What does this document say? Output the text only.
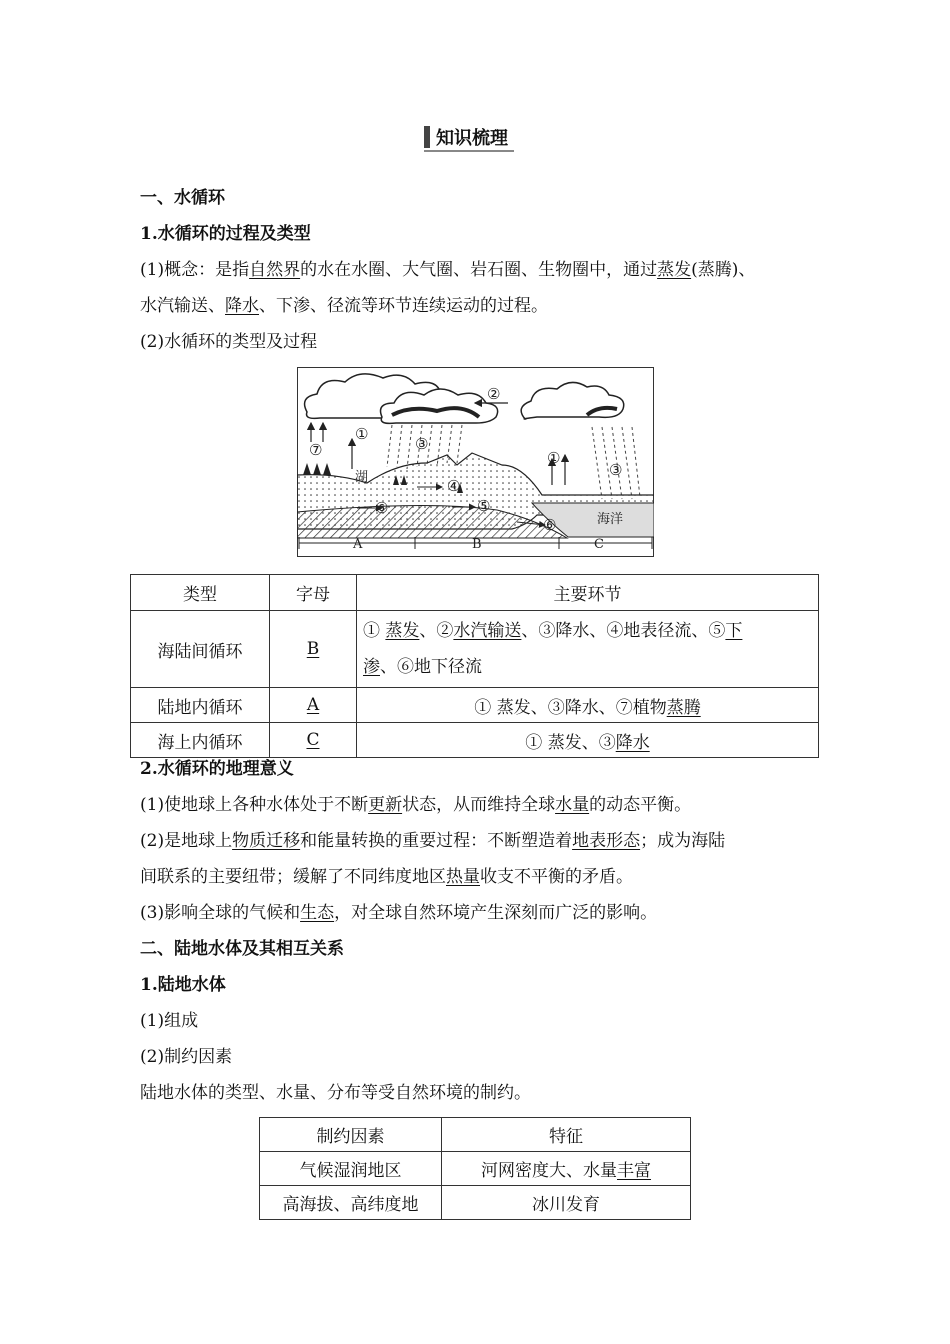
知识梳理
一、水循环
1.水循环的过程及类型
(1)概念：是指自然界的水在水圈、大气圈、岩石圈、生物圈中，通过蒸发(蒸腾)、
水汽输送、降水、下渗、径流等环节连续运动的过程。
(2)水循环的类型及过程
②
①
③
⑦	①
③
④
⑤
⑥
⑥
湖
海洋
A	B	C
类型	字母	主要环节
海陆间循环	B	① 蒸发、②水汽输送、③降水、④地表径流、⑤下
渗、⑥地下径流
陆地内循环	A	① 蒸发、③降水、⑦植物蒸腾
海上内循环	C	① 蒸发、③降水
2.水循环的地理意义
(1)使地球上各种水体处于不断更新状态，从而维持全球水量的动态平衡。
(2)是地球上物质迁移和能量转换的重要过程：不断塑造着地表形态；成为海陆
间联系的主要纽带；缓解了不同纬度地区热量收支不平衡的矛盾。
(3)影响全球的气候和生态，对全球自然环境产生深刻而广泛的影响。
二、陆地水体及其相互关系
1.陆地水体
(1)组成
(2)制约因素
陆地水体的类型、水量、分布等受自然环境的制约。
制约因素	特征
气候湿润地区	河网密度大、水量丰富
高海拔、高纬度地	冰川发育
